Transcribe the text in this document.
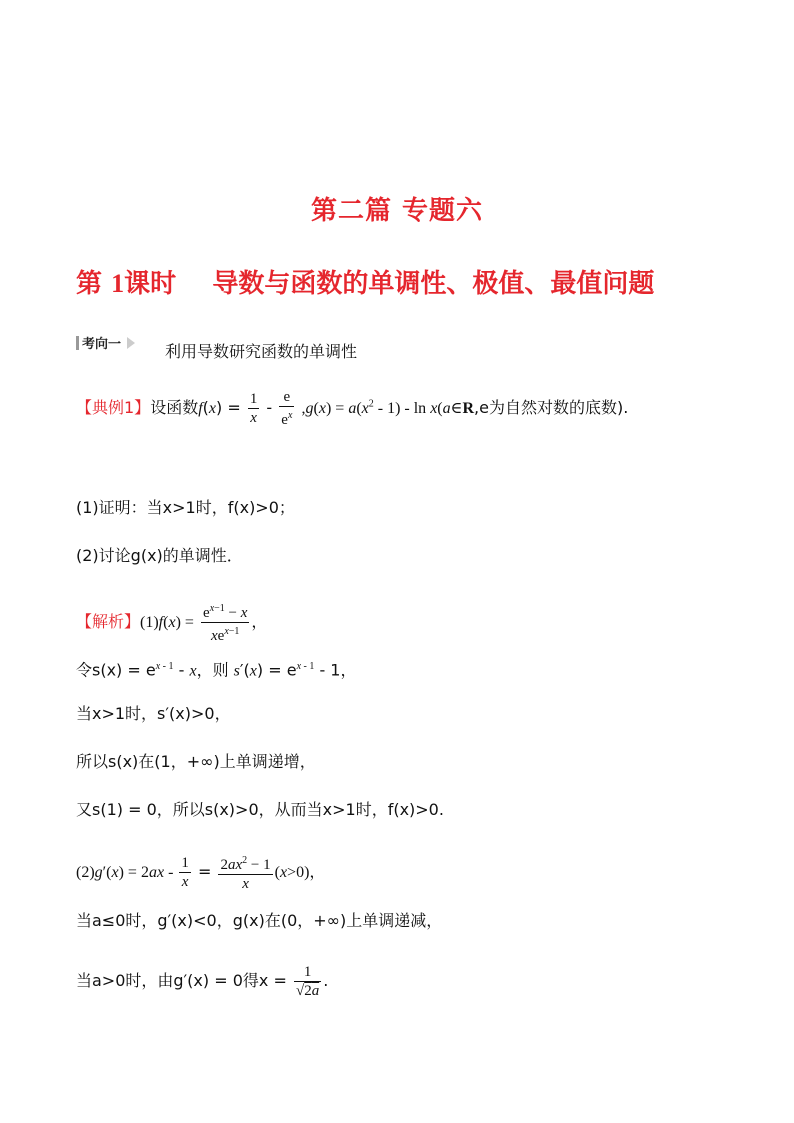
第二篇 专题六
第 1课时 导数与函数的单调性、极值、最值问题
考向一	利用导数研究函数的单调性
【典例1】设函数$f(x) = \frac{1}{x} - \frac{e}{e^x} ,g(x) = a(x^2 - 1) - \ln$ x(a∈R,e为自然对数的底数).
(1)证明：当x>1时，f(x)>0；
(2)讨论g(x)的单调性．
【解析】$(1)f(x) = \frac{e^{x-1} - x}{xe^{x-1}}$ ，
令$s(x) = e^{x - 1} - x$，则 $s'(x) = e^{x - 1} - 1$，
当x>1时，s′(x)>0，
所以s(x)在(1，+∞)上单调递增，
又s(1) = 0，所以s(x)>0，从而当x>1时，f(x)>0.
$(2)g'(x) = 2ax - \frac{1}{x} = \frac{2ax^2 - 1}{x} (x>0)$，
当a≤0时，g′(x)<0，g(x)在(0，+∞)上单调递减，
当a>0时，由g′(x) = 0得$x = \frac{1}{√2a}$ .
